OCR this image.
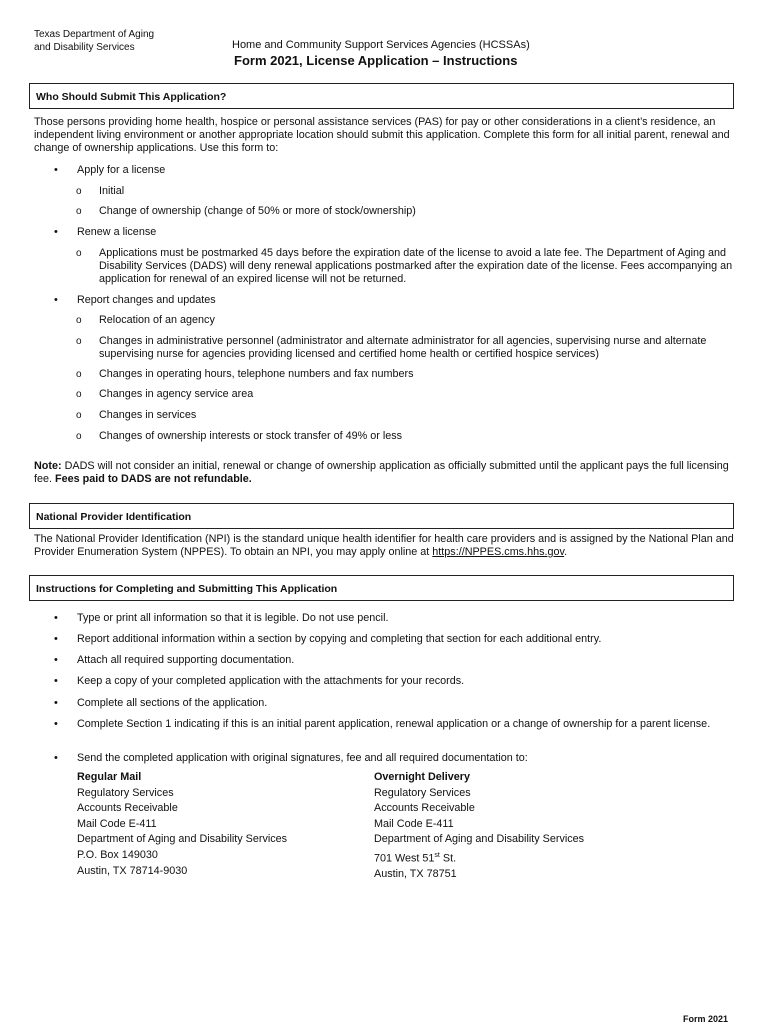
Texas Department of Aging
and Disability Services	Home and Community Support Services Agencies (HCSSAs)
Form 2021, License Application – Instructions
Who Should Submit This Application?
Those persons providing home health, hospice or personal assistance services (PAS) for pay or other considerations in a client’s residence, an independent living environment or another appropriate location should submit this application. Complete this form for all initial parent, renewal and change of ownership applications. Use this form to:
• Apply for a license
o Initial
o Change of ownership (change of 50% or more of stock/ownership)
• Renew a license
o Applications must be postmarked 45 days before the expiration date of the license to avoid a late fee. The Department of Aging and Disability Services (DADS) will deny renewal applications postmarked after the expiration date of the license. Fees accompanying an application for renewal of an expired license will not be returned.
• Report changes and updates
o Relocation of an agency
o Changes in administrative personnel (administrator and alternate administrator for all agencies, supervising nurse and alternate supervising nurse for agencies providing licensed and certified home health or certified hospice services)
o Changes in operating hours, telephone numbers and fax numbers
o Changes in agency service area
o Changes in services
o Changes of ownership interests or stock transfer of 49% or less
Note: DADS will not consider an initial, renewal or change of ownership application as officially submitted until the applicant pays the full licensing fee. Fees paid to DADS are not refundable.
National Provider Identification
The National Provider Identification (NPI) is the standard unique health identifier for health care providers and is assigned by the National Plan and Provider Enumeration System (NPPES). To obtain an NPI, you may apply online at https://NPPES.cms.hhs.gov.
Instructions for Completing and Submitting This Application
• Type or print all information so that it is legible. Do not use pencil.
• Report additional information within a section by copying and completing that section for each additional entry.
• Attach all required supporting documentation.
• Keep a copy of your completed application with the attachments for your records.
• Complete all sections of the application.
• Complete Section 1 indicating if this is an initial parent application, renewal application or a change of ownership for a parent license.
• Send the completed application with original signatures, fee and all required documentation to:
Regular Mail
Regulatory Services
Accounts Receivable
Mail Code E-411
Department of Aging and Disability Services
P.O. Box 149030
Austin, TX 78714-9030
Overnight Delivery
Regulatory Services
Accounts Receivable
Mail Code E-411
Department of Aging and Disability Services
701 West 51st St.
Austin, TX 78751
Form 2021
